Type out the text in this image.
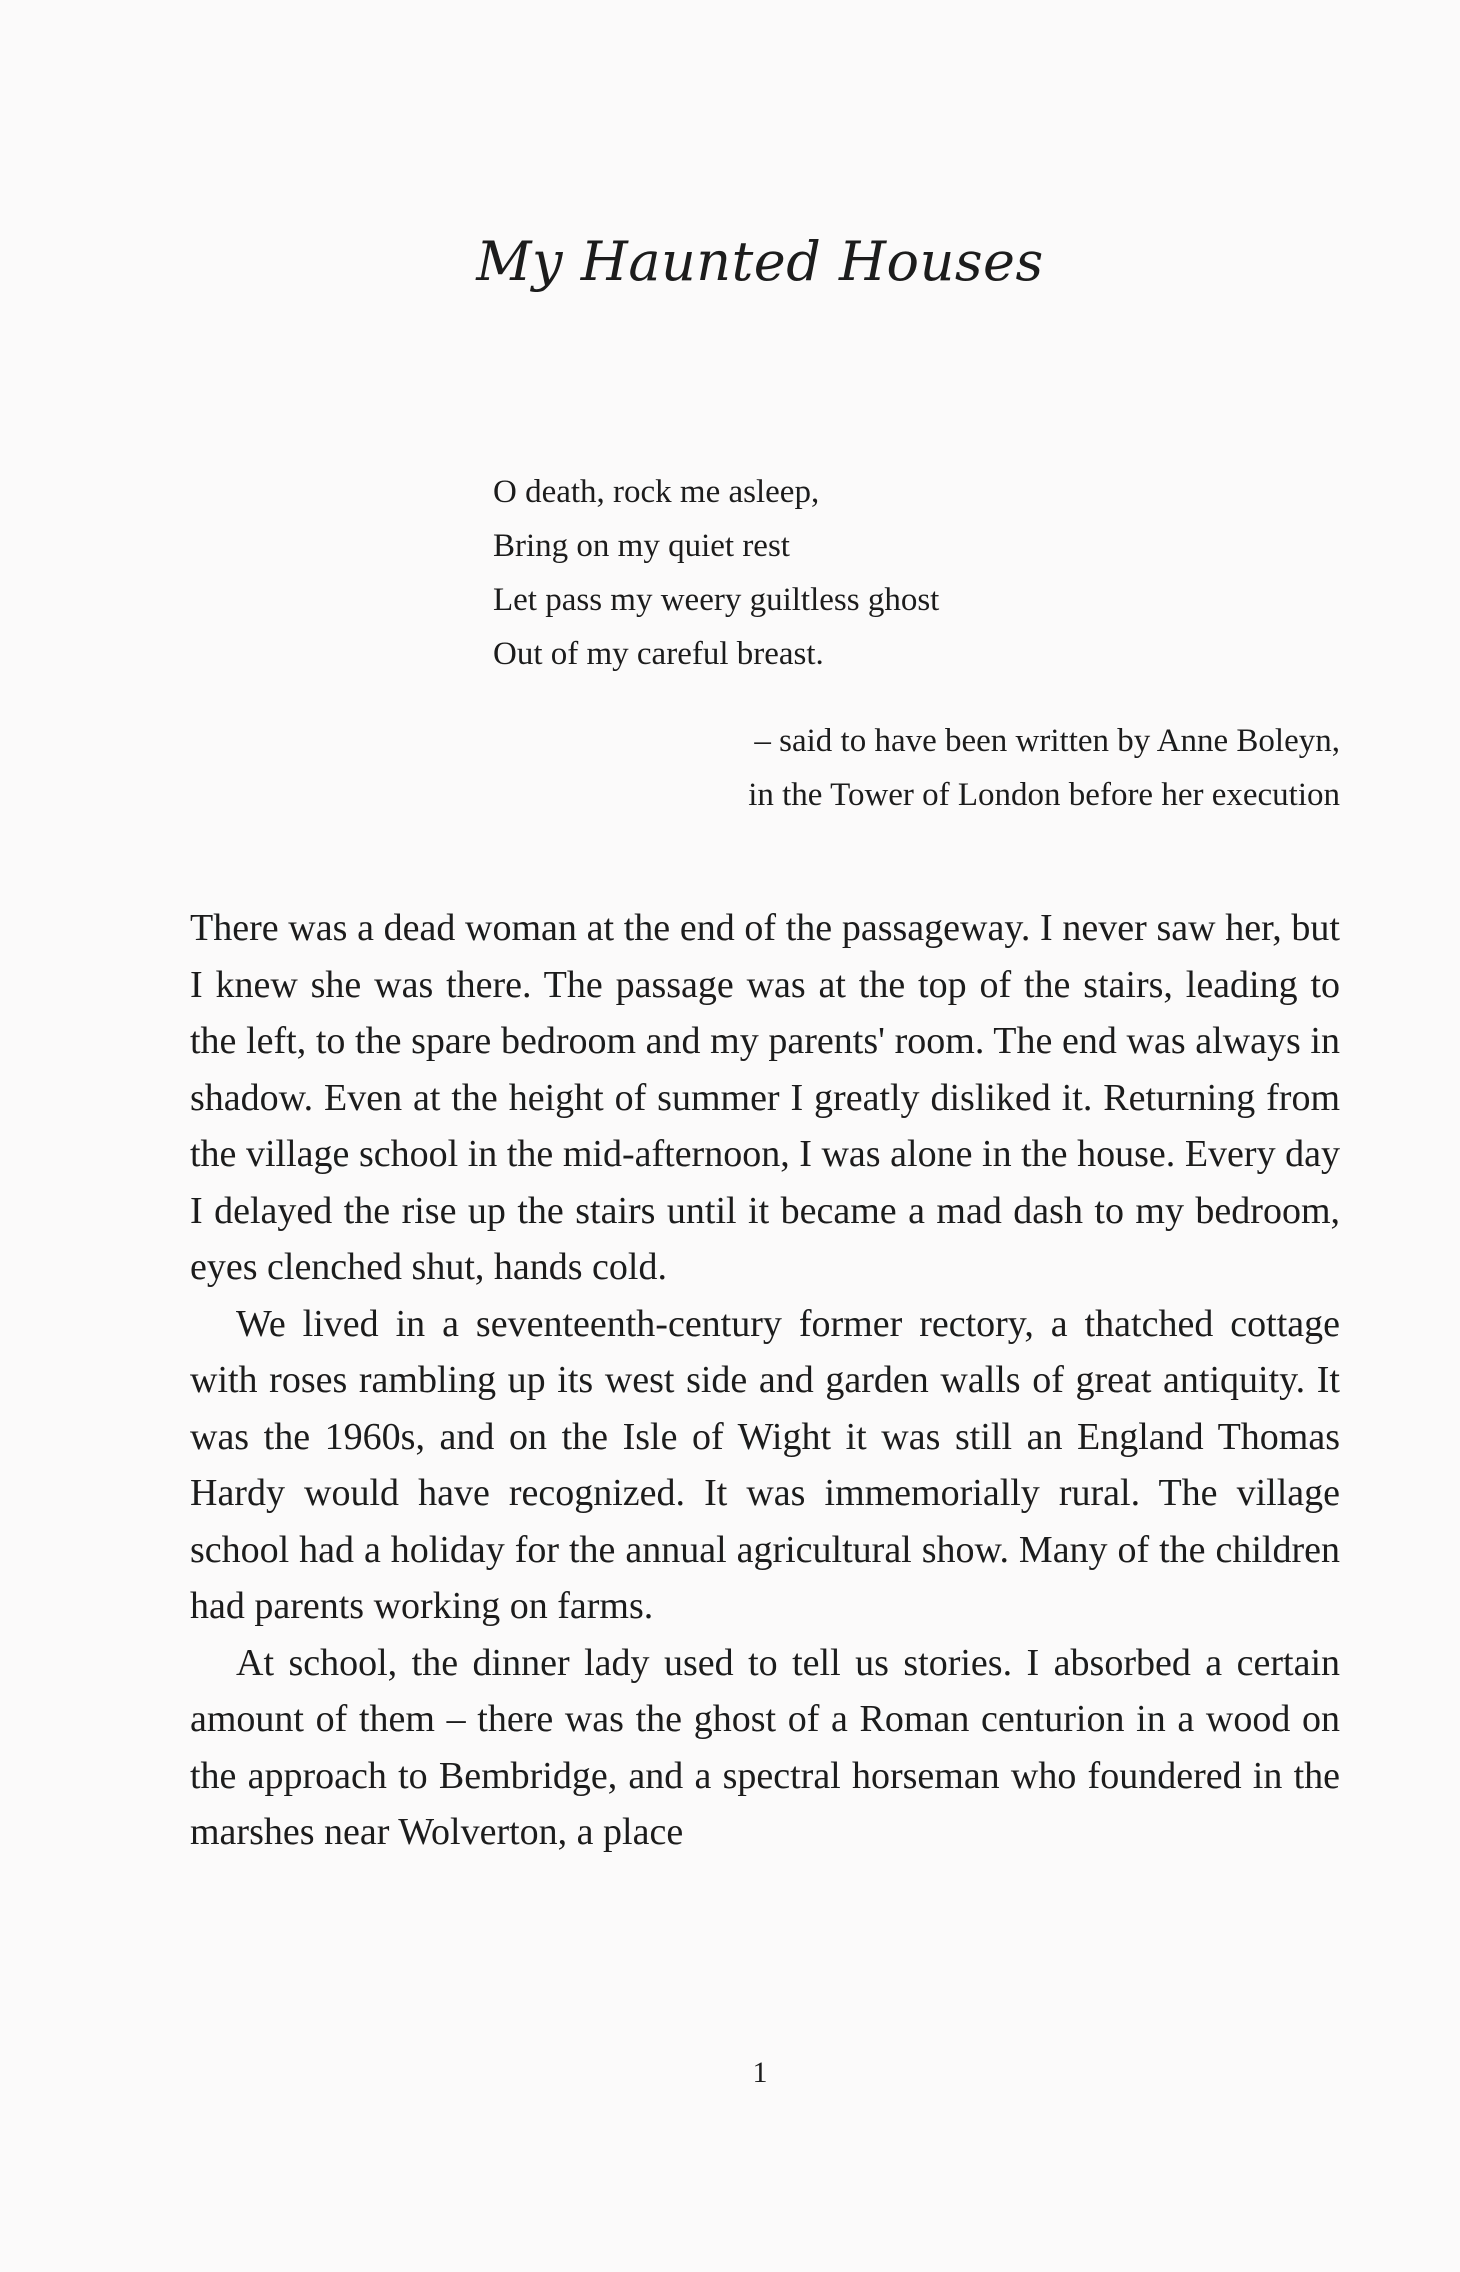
My Haunted Houses
O death, rock me asleep,
Bring on my quiet rest
Let pass my weery guiltless ghost
Out of my careful breast.
– said to have been written by Anne Boleyn,
in the Tower of London before her execution

There was a dead woman at the end of the passageway. I never saw her, but I knew she was there. The passage was at the top of the stairs, leading to the left, to the spare bedroom and my parents' room. The end was always in shadow. Even at the height of summer I greatly disliked it. Returning from the village school in the mid-afternoon, I was alone in the house. Every day I delayed the rise up the stairs until it became a mad dash to my bedroom, eyes clenched shut, hands cold.

We lived in a seventeenth-century former rectory, a thatched cottage with roses rambling up its west side and garden walls of great antiquity. It was the 1960s, and on the Isle of Wight it was still an England Thomas Hardy would have recognized. It was immemorially rural. The village school had a holiday for the annual agricultural show. Many of the children had parents working on farms.

At school, the dinner lady used to tell us stories. I absorbed a certain amount of them – there was the ghost of a Roman centurion in a wood on the approach to Bembridge, and a spectral horseman who foundered in the marshes near Wolverton, a place

1
